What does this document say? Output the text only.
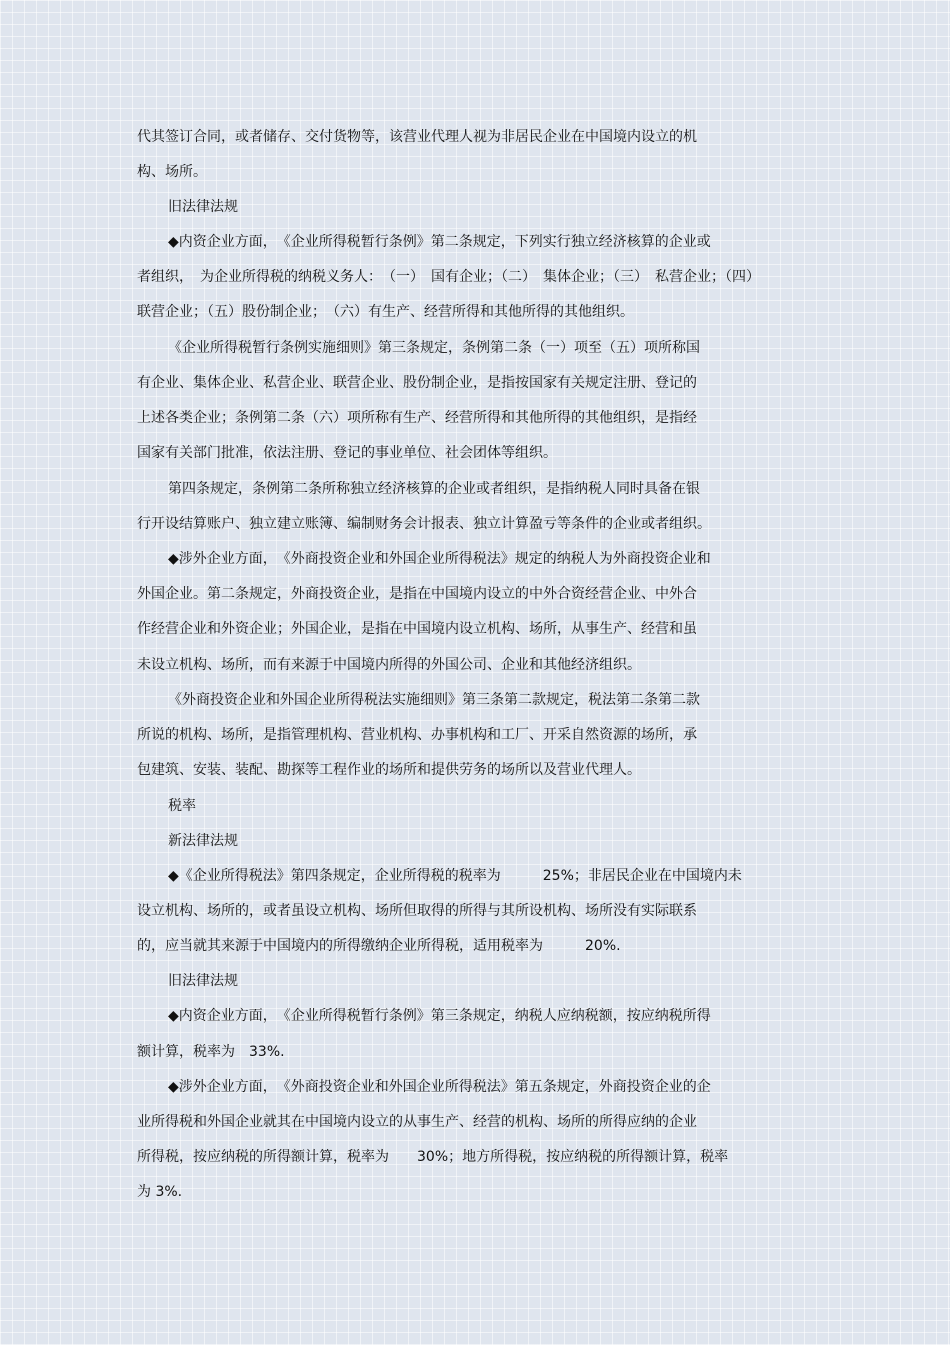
代其签订合同，或者储存、交付货物等，该营业代理人视为非居民企业在中国境内设立的机
构、场所。
旧法律法规
◆内资企业方面，　《企业所得税暂行条例》第二条规定，下列实行独立经济核算的企业或
者组织，　为企业所得税的纳税义务人：　（一）　国有企业；（二）　集体企业；（三）　私营企业；（四）
联营企业；（五）股份制企业；　（六）有生产、经营所得和其他所得的其他组织。
《企业所得税暂行条例实施细则》第三条规定，条例第二条（一）项至（五）项所称国
有企业、集体企业、私营企业、联营企业、股份制企业，是指按国家有关规定注册、登记的
上述各类企业；条例第二条（六）项所称有生产、经营所得和其他所得的其他组织，是指经
国家有关部门批准，依法注册、登记的事业单位、社会团体等组织。
第四条规定，条例第二条所称独立经济核算的企业或者组织，是指纳税人同时具备在银
行开设结算账户、独立建立账簿、编制财务会计报表、独立计算盈亏等条件的企业或者组织。
◆涉外企业方面，　《外商投资企业和外国企业所得税法》规定的纳税人为外商投资企业和
外国企业。第二条规定，外商投资企业，是指在中国境内设立的中外合资经营企业、中外合
作经营企业和外资企业；外国企业，是指在中国境内设立机构、场所，从事生产、经营和虽
未设立机构、场所，而有来源于中国境内所得的外国公司、企业和其他经济组织。
《外商投资企业和外国企业所得税法实施细则》第三条第二款规定，税法第二条第二款
所说的机构、场所，是指管理机构、营业机构、办事机构和工厂、开采自然资源的场所，承
包建筑、安装、装配、勘探等工程作业的场所和提供劳务的场所以及营业代理人。
税率
新法律法规
◆《企业所得税法》第四条规定，企业所得税的税率为　　　25%；非居民企业在中国境内未
设立机构、场所的，或者虽设立机构、场所但取得的所得与其所设机构、场所没有实际联系
的，应当就其来源于中国境内的所得缴纳企业所得税，适用税率为　　　20%.
旧法律法规
◆内资企业方面，　《企业所得税暂行条例》第三条规定，纳税人应纳税额，按应纳税所得
额计算，税率为　33%.
◆涉外企业方面，　《外商投资企业和外国企业所得税法》第五条规定，外商投资企业的企
业所得税和外国企业就其在中国境内设立的从事生产、经营的机构、场所的所得应纳的企业
所得税，按应纳税的所得额计算，税率为　　30%；地方所得税，按应纳税的所得额计算，税率
为 3%.
